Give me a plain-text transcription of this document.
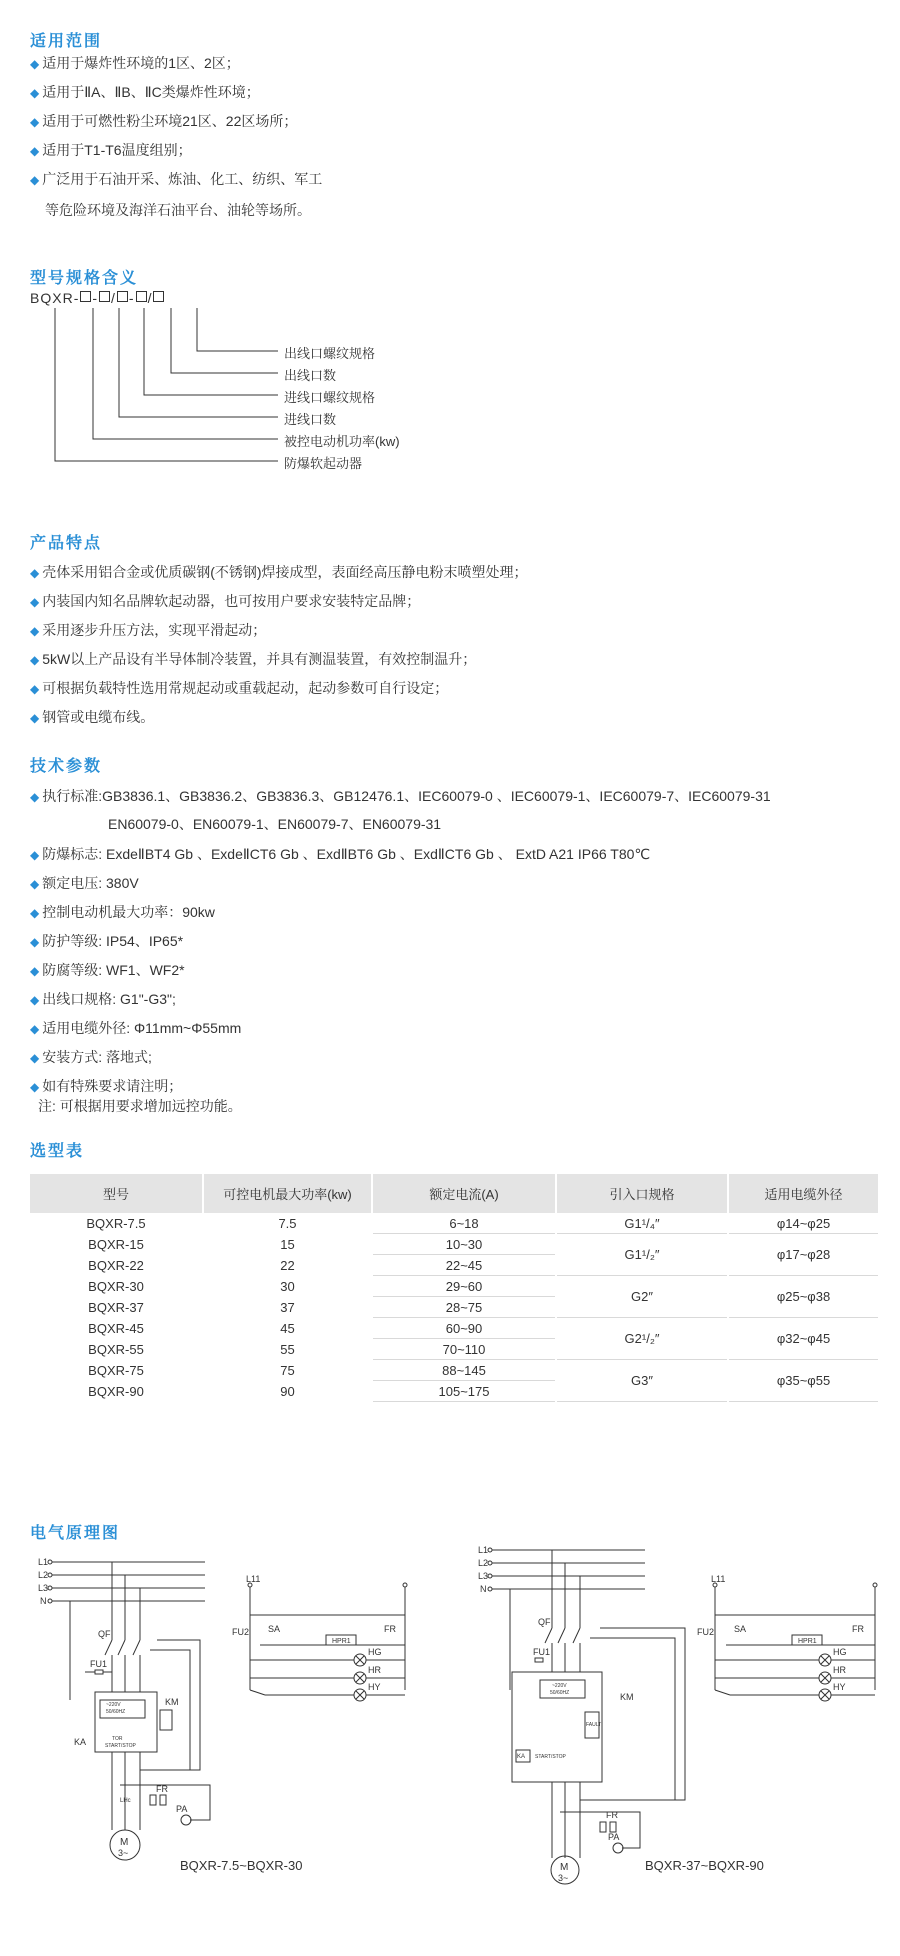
适用范围
◆ 适用于爆炸性环境的1区、2区；
◆ 适用于ⅡA、ⅡB、ⅡC类爆炸性环境；
◆ 适用于可燃性粉尘环境21区、22区场所；
◆ 适用于T1-T6温度组别；
◆ 广泛用于石油开采、炼油、化工、纺织、军工
等危险环境及海洋石油平台、油轮等场所。
型号规格含义
BQXR- - / - /
出线口螺纹规格
出线口数
进线口螺纹规格
进线口数
被控电动机功率(kw)
防爆软起动器
产品特点
◆ 壳体采用铝合金或优质碳钢(不锈钢)焊接成型，表面经高压静电粉末喷塑处理；
◆ 内装国内知名品牌软起动器，也可按用户要求安装特定品牌；
◆ 采用逐步升压方法，实现平滑起动；
◆ 5kW以上产品设有半导体制冷装置，并具有测温装置，有效控制温升；
◆ 可根据负载特性选用常规起动或重载起动，起动参数可自行设定；
◆ 钢管或电缆布线。
技术参数
◆ 执行标准:GB3836.1、GB3836.2、GB3836.3、GB12476.1、IEC60079-0 、IEC60079-1、IEC60079-7、IEC60079-31
◆ 防爆标志: ExdeⅡBT4 Gb 、ExdeⅡCT6 Gb 、ExdⅡBT6 Gb 、ExdⅡCT6 Gb 、 ExtD A21 IP66 T80℃
◆ 额定电压: 380V
◆ 控制电动机最大功率：90kw
◆ 防护等级: IP54、IP65*
◆ 防腐等级: WF1、WF2*
◆ 出线口规格: G1"-G3";
◆ 适用电缆外径: Φ11mm~Φ55mm
◆ 安装方式: 落地式;
◆ 如有特殊要求请注明；
EN60079-0、EN60079-1、EN60079-7、EN60079-31
注: 可根据用要求增加远控功能。
选型表
型号	可控电机最大功率(kw)	额定电流(A)	引入口规格	适用电缆外径
BQXR-7.5	7.5	6~18	G1¹/₄″	φ14~φ25
BQXR-15	15	10~30	G1¹/₂″	φ17~φ28
BQXR-22	22	22~45		
BQXR-30	30	29~60	G2″	φ25~φ38
BQXR-37	37	28~75		
BQXR-45	45	60~90	G2¹/₂″	φ32~φ45
BQXR-55	55	70~110		
BQXR-75	75	88~145	G3″	φ35~φ55
BQXR-90	90	105~175		
电气原理图
L1
L2
L3
N
QF
FU1
~220V
50/60HZ
TOR
START/STOP
KA
KM
FR
PA
M
3~
LHc
L11
FU2 SA
HPR1
FR
HG
HR
HY
L1
L2
L3
N
QF
FU1
~220V
50/60HZ
KA START/STOP
FAULT
KM
FR
PA
M
3~
L11
FU2 SA
HPR1
FR
HG
HR
HY
BQXR-7.5~BQXR-30	BQXR-37~BQXR-90
